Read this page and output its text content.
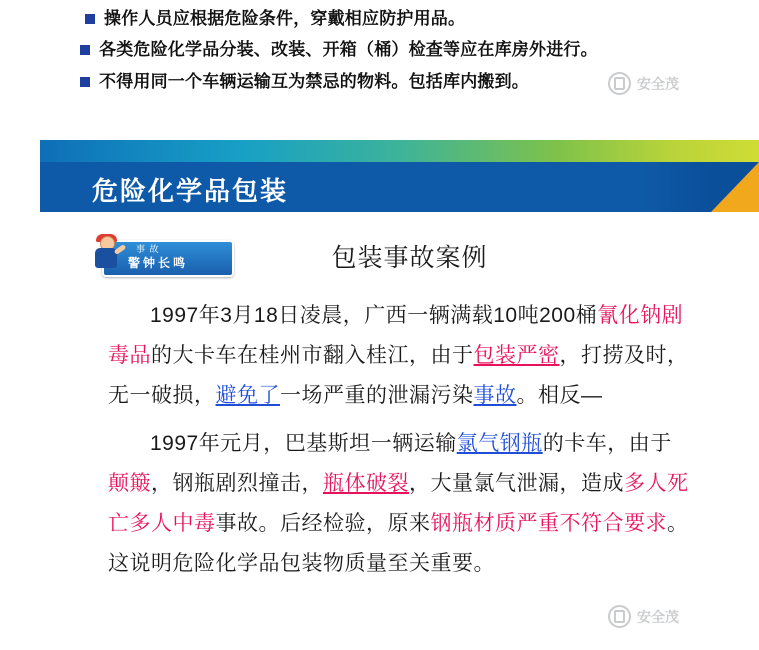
操作人员应根据危险条件，穿戴相应防护用品。
各类危险化学品分装、改装、开箱（桶）检查等应在库房外进行。
不得用同一个车辆运输互为禁忌的物料。包括库内搬到。	安全茂
安全茂
危险化学品包装
事 故
警钟长鸣	包装事故案例

1997年3月18日凌晨，广西一辆满载10吨200桶氰化钠剧毒品的大卡车在桂州市翻入桂江，由于包装严密，打捞及时，无一破损，避免了一场严重的泄漏污染事故。相反—

1997年元月，巴基斯坦一辆运输氯气钢瓶的卡车，由于颠簸，钢瓶剧烈撞击，瓶体破裂，大量氯气泄漏，造成多人死亡多人中毒事故。后经检验，原来钢瓶材质严重不符合要求。这说明危险化学品包装物质量至关重要。
